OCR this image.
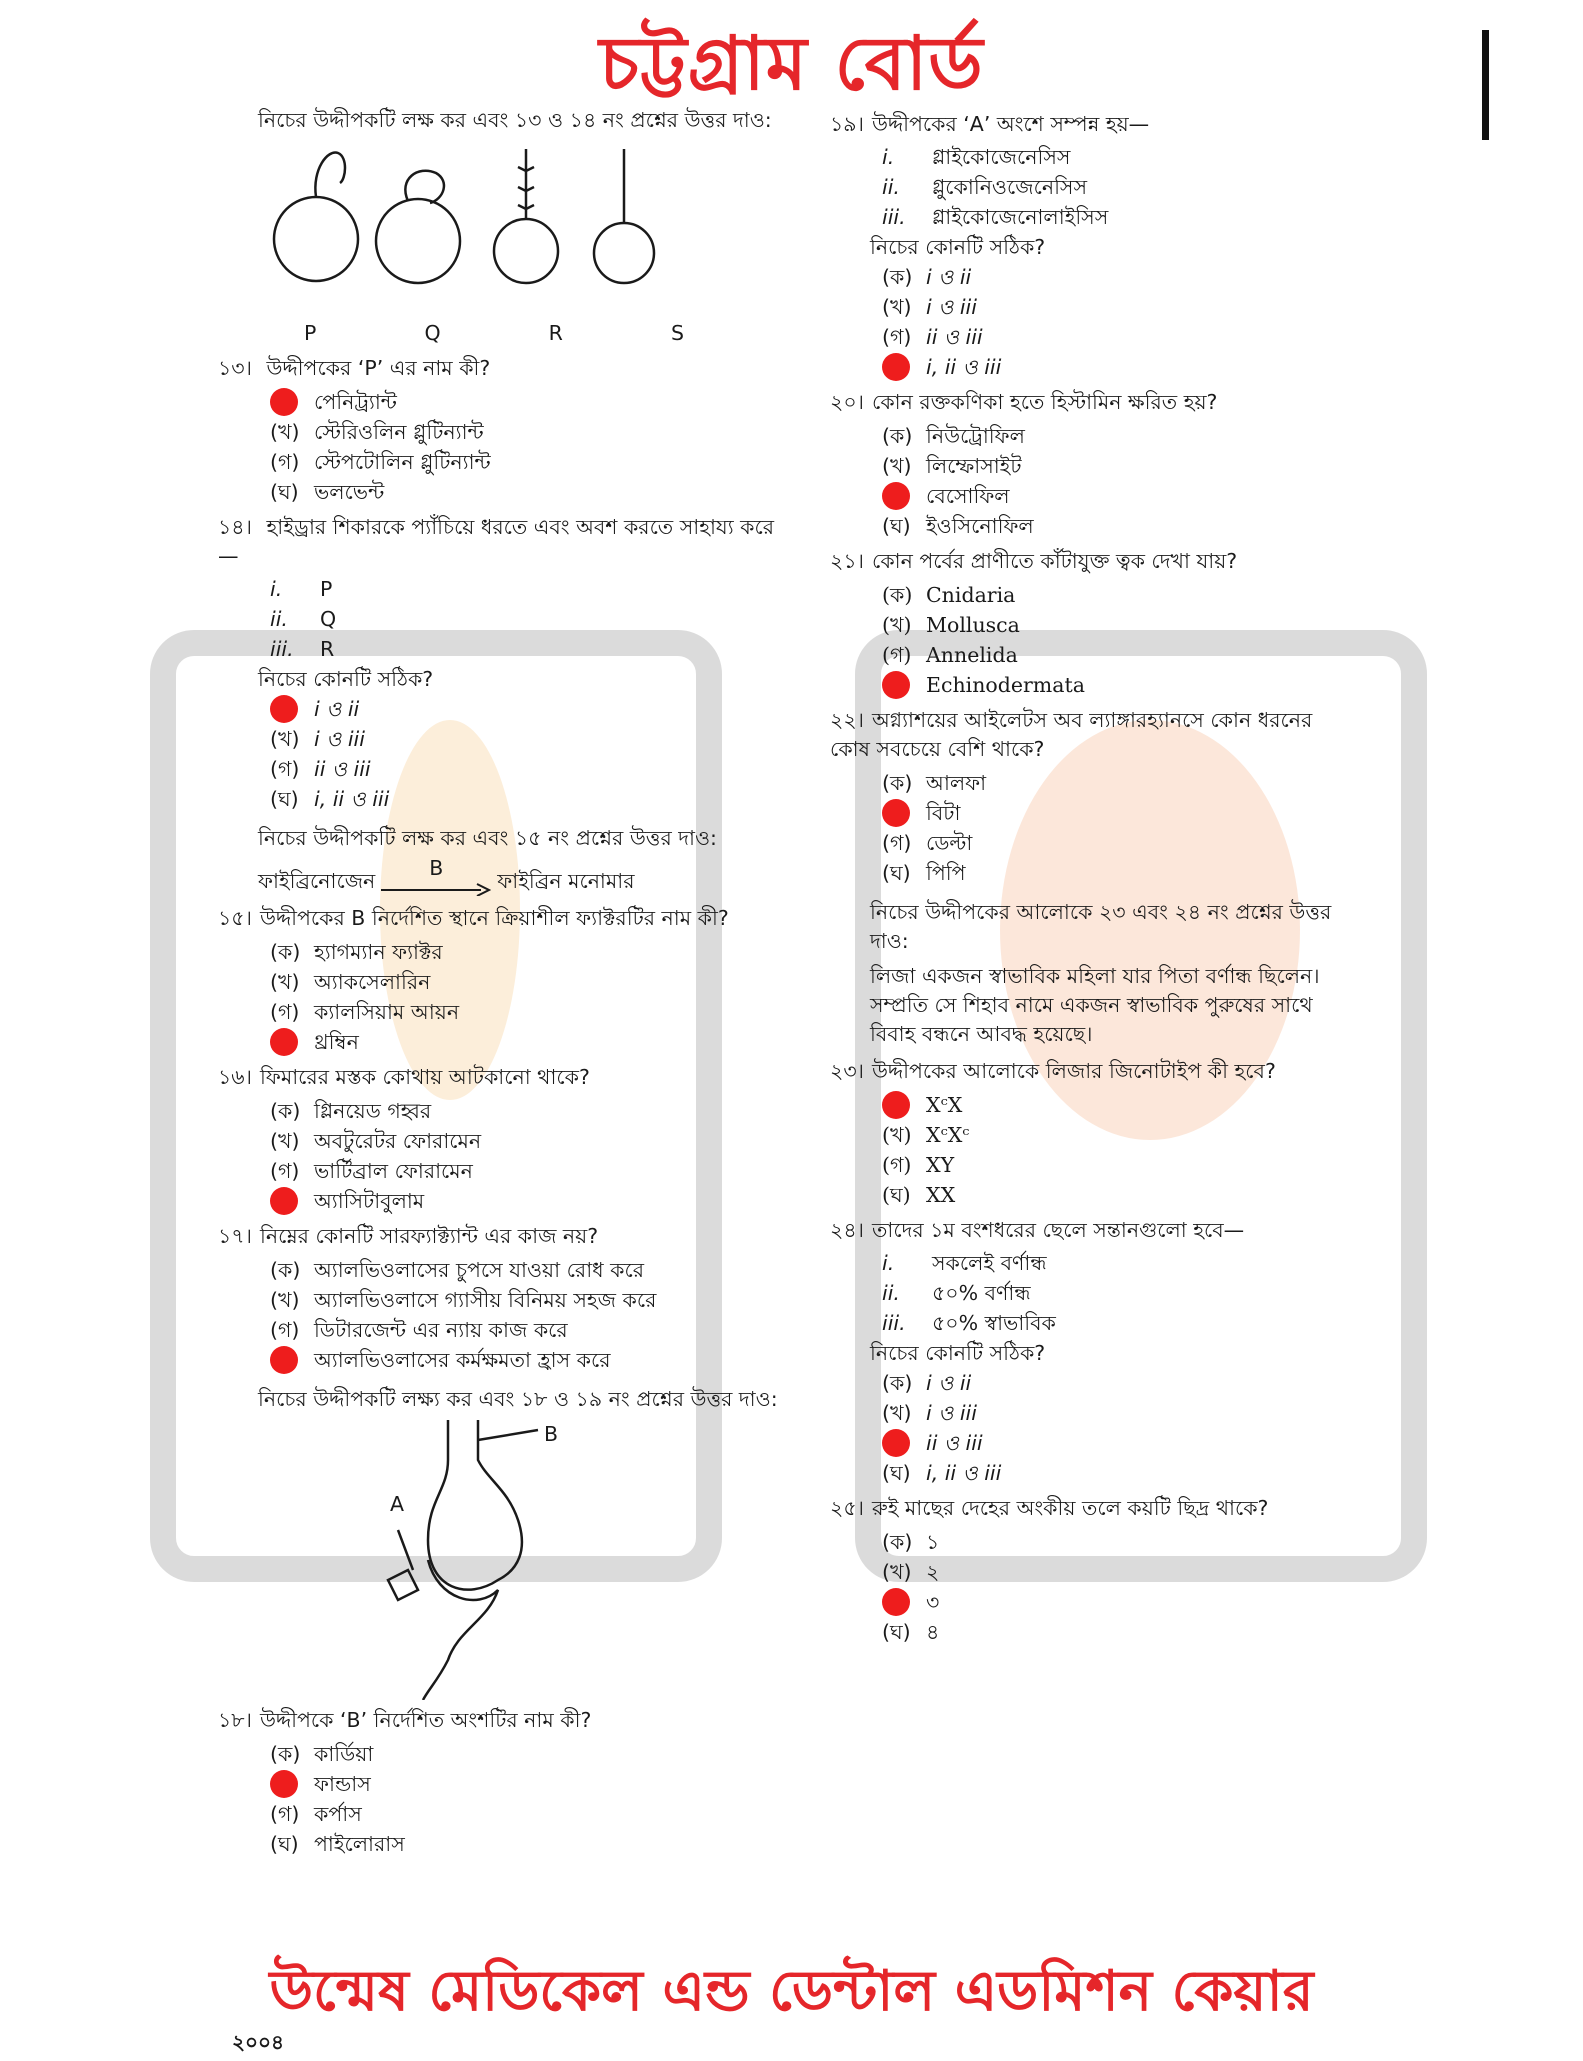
চট্টগ্রাম বোর্ড
নিচের উদ্দীপকটি লক্ষ কর এবং ১৩ ও ১৪ নং প্রশ্নের উত্তর দাও:
P	Q	R	S
১৩। উদ্দীপকের ‘P’ এর নাম কী?
পেনিট্র্যান্ট
(খ) স্টেরিওলিন গ্লুটিন্যান্ট
(গ) স্টেপটোলিন গ্লুটিন্যান্ট
(ঘ) ভলভেন্ট
১৪। হাইড্রার শিকারকে প্যাঁচিয়ে ধরতে এবং অবশ করতে সাহায্য করে—
i.	P
ii.	Q
iii.	R
নিচের কোনটি সঠিক?
i ও ii
(খ) i ও iii
(গ) ii ও iii
(ঘ) i, ii ও iii
নিচের উদ্দীপকটি লক্ষ কর এবং ১৫ নং প্রশ্নের উত্তর দাও:
ফাইব্রিনোজেন
B
ফাইব্রিন মনোমার
১৫। উদ্দীপকের B নির্দেশিত স্থানে ক্রিয়াশীল ফ্যাক্টরটির নাম কী?
(ক) হ্যাগম্যান ফ্যাক্টর
(খ) অ্যাকসেলারিন
(গ) ক্যালসিয়াম আয়ন
থ্রম্বিন
১৬। ফিমারের মস্তক কোথায় আটকানো থাকে?
(ক) গ্লিনয়েড গহ্বর
(খ) অবটুরেটর ফোরামেন
(গ) ভার্টিব্রাল ফোরামেন
অ্যাসিটাবুলাম
১৭। নিম্নের কোনটি সারফ্যাক্ট্যান্ট এর কাজ নয়?
(ক) অ্যালভিওলাসের চুপসে যাওয়া রোধ করে
(খ) অ্যালভিওলাসে গ্যাসীয় বিনিময় সহজ করে
(গ) ডিটারজেন্ট এর ন্যায় কাজ করে
অ্যালভিওলাসের কর্মক্ষমতা হ্রাস করে
নিচের উদ্দীপকটি লক্ষ্য কর এবং ১৮ ও ১৯ নং প্রশ্নের উত্তর দাও:
A
B
১৮। উদ্দীপকে ‘B’ নির্দেশিত অংশটির নাম কী?
(ক) কার্ডিয়া
ফান্ডাস
(গ) কর্পাস
(ঘ) পাইলোরাস
১৯। উদ্দীপকের ‘A’ অংশে সম্পন্ন হয়—
i.	গ্লাইকোজেনেসিস
ii.	গ্লুকোনিওজেনেসিস
iii.	গ্লাইকোজেনোলাইসিস
নিচের কোনটি সঠিক?
(ক) i ও ii
(খ) i ও iii
(গ) ii ও iii
i, ii ও iii
২০। কোন রক্তকণিকা হতে হিস্টামিন ক্ষরিত হয়?
(ক) নিউট্রোফিল
(খ) লিম্ফোসাইট
বেসোফিল
(ঘ) ইওসিনোফিল
২১। কোন পর্বের প্রাণীতে কাঁটাযুক্ত ত্বক দেখা যায়?
(ক) Cnidaria
(খ) Mollusca
(গ) Annelida
Echinodermata
২২। অগ্ন্যাশয়ের আইলেটস অব ল্যাঙ্গারহ্যানসে কোন ধরনের কোষ সবচেয়ে বেশি থাকে?
(ক) আলফা
বিটা
(গ) ডেল্টা
(ঘ) পিপি
নিচের উদ্দীপকের আলোকে ২৩ এবং ২৪ নং প্রশ্নের উত্তর দাও:
লিজা একজন স্বাভাবিক মহিলা যার পিতা বর্ণান্ধ ছিলেন। সম্প্রতি সে শিহাব নামে একজন স্বাভাবিক পুরুষের সাথে বিবাহ বন্ধনে আবদ্ধ হয়েছে।
২৩। উদ্দীপকের আলোকে লিজার জিনোটাইপ কী হবে?
XᶜX
(খ) XᶜXᶜ
(গ) XY
(ঘ) XX
২৪। তাদের ১ম বংশধরের ছেলে সন্তানগুলো হবে—
i.	সকলেই বর্ণান্ধ
ii.	৫০% বর্ণান্ধ
iii.	৫০% স্বাভাবিক
নিচের কোনটি সঠিক?
(ক) i ও ii
(খ) i ও iii
ii ও iii
(ঘ) i, ii ও iii
২৫। রুই মাছের দেহের অংকীয় তলে কয়টি ছিদ্র থাকে?
(ক) ১
(খ) ২
৩
(ঘ) ৪
উন্মেষ মেডিকেল এন্ড ডেন্টাল এডমিশন কেয়ার
২০০৪
